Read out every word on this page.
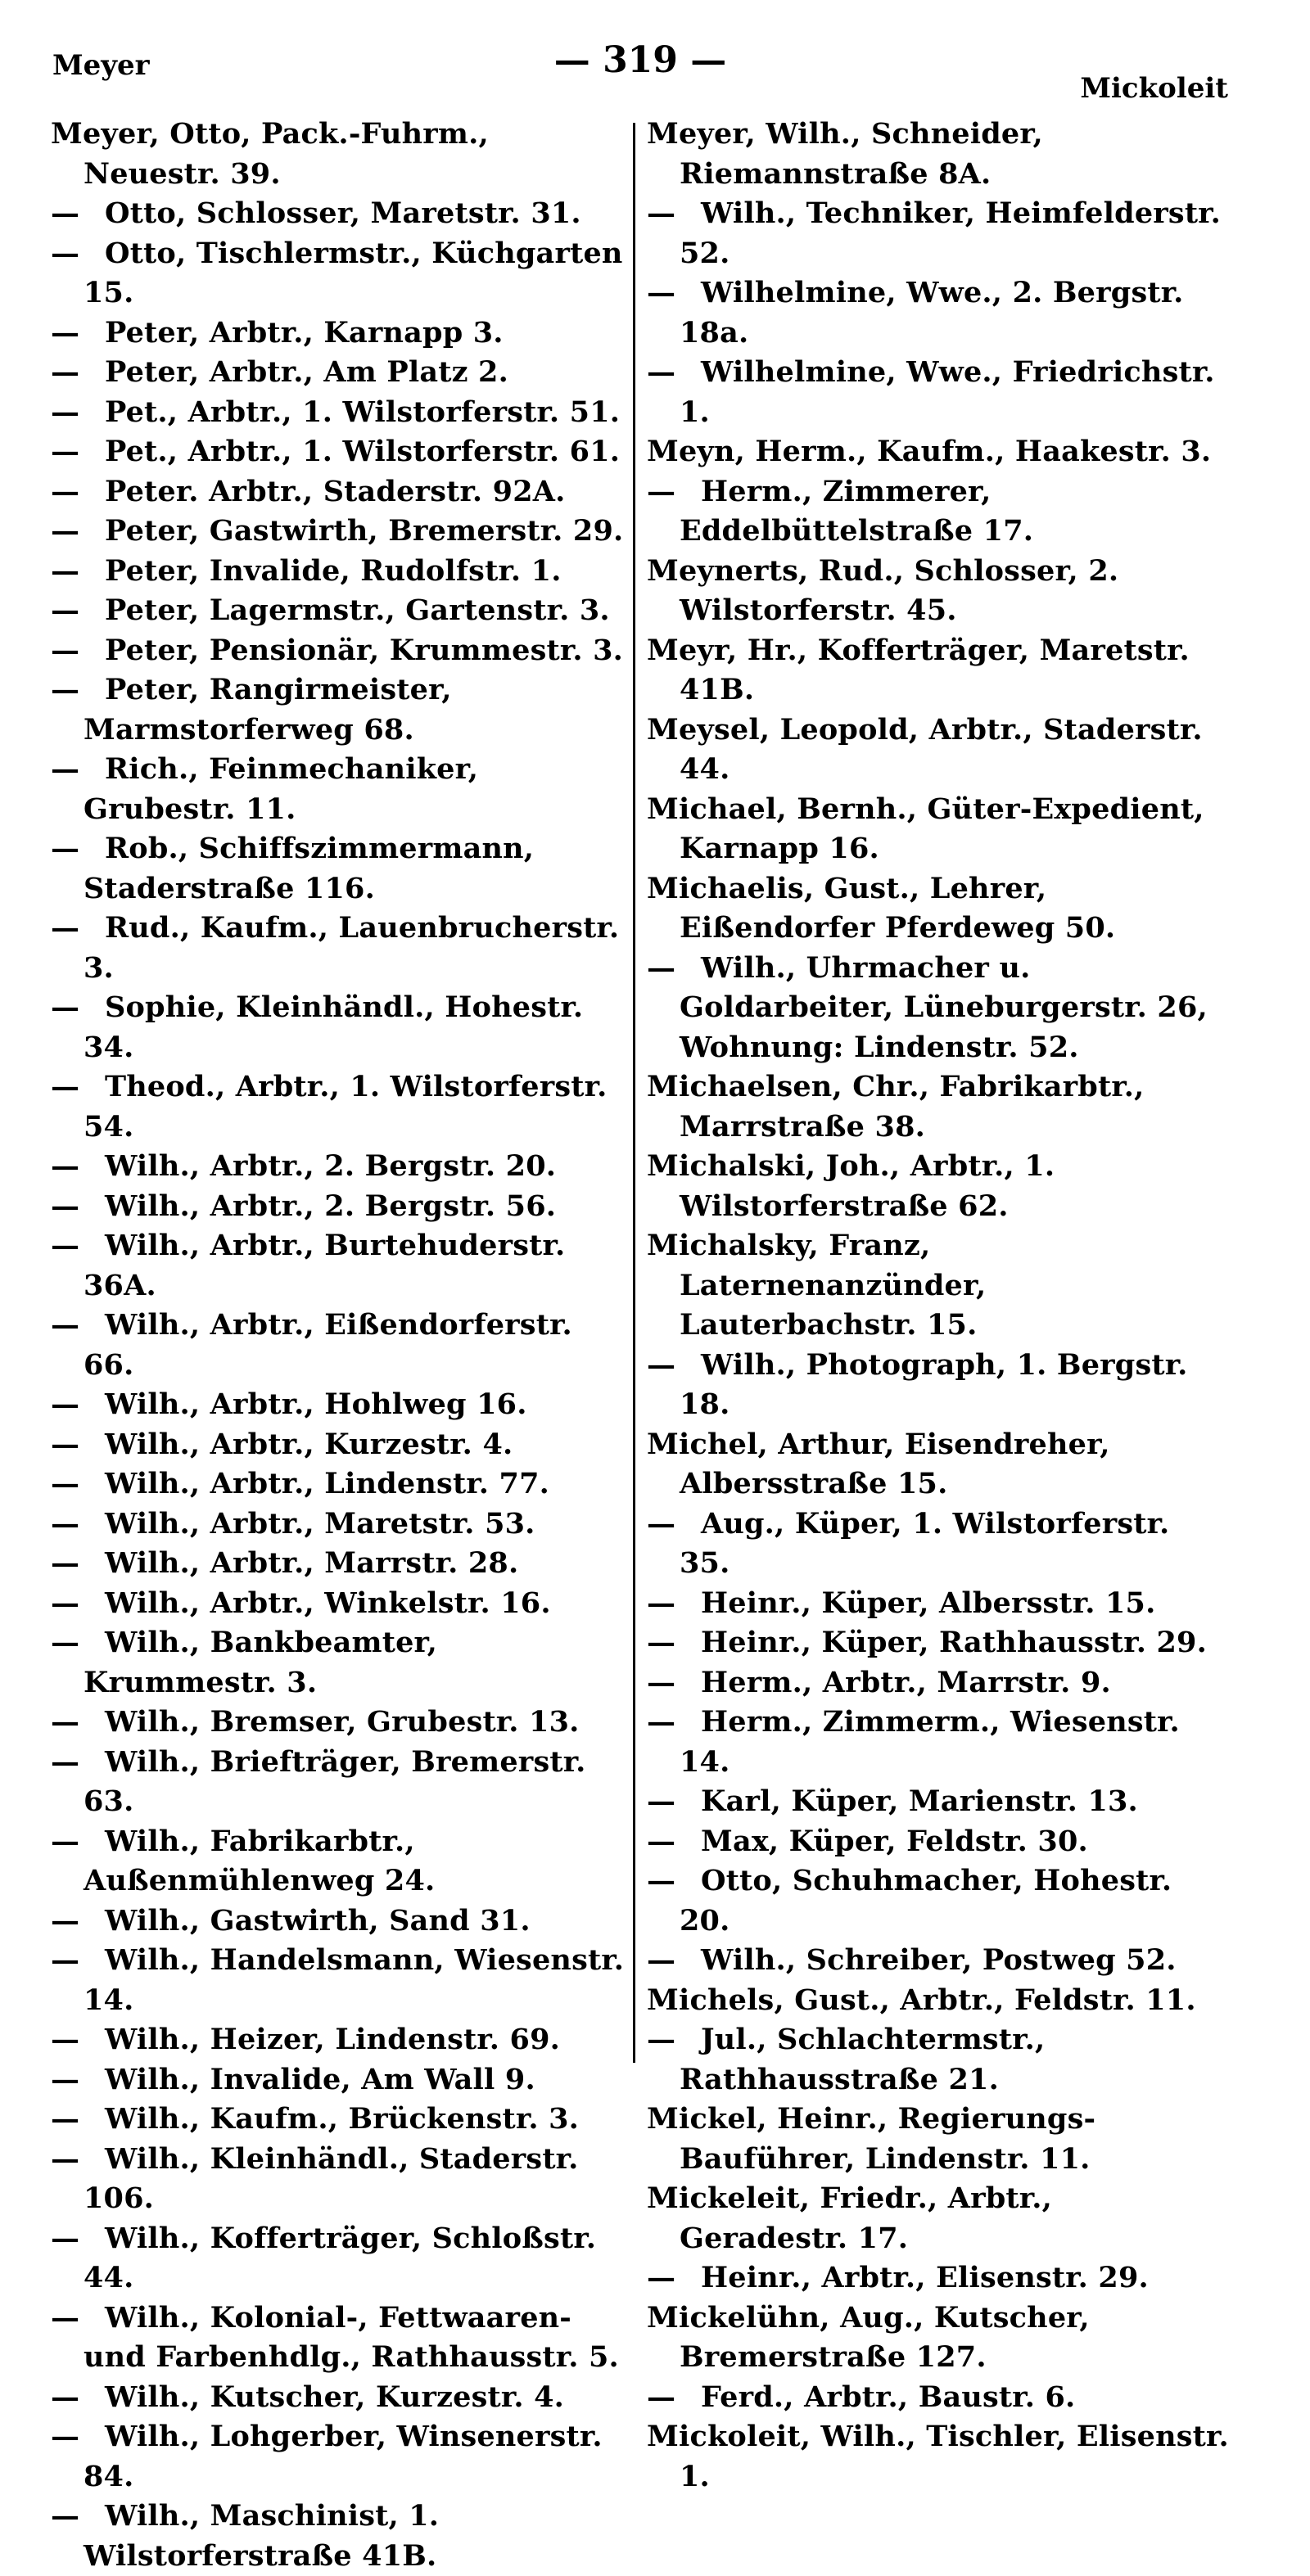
Meyer	— 319 —
Mickoleit
Meyer, Otto, Pack.-Fuhrm., Neuestr. 39.
— Otto, Schlosser, Maretstr. 31.
— Otto, Tischlermstr., Küchgarten 15.
— Peter, Arbtr., Karnapp 3.
— Peter, Arbtr., Am Platz 2.
— Pet., Arbtr., 1. Wilstorferstr. 51.
— Pet., Arbtr., 1. Wilstorferstr. 61.
— Peter. Arbtr., Staderstr. 92A.
— Peter, Gastwirth, Bremerstr. 29.
— Peter, Invalide, Rudolfstr. 1.
— Peter, Lagermstr., Gartenstr. 3.
— Peter, Pensionär, Krummestr. 3.
— Peter, Rangirmeister, Marmstorferweg 68.
— Rich., Feinmechaniker, Grubestr. 11.
— Rob., Schiffszimmermann, Staderstraße 116.
— Rud., Kaufm., Lauenbrucherstr. 3.
— Sophie, Kleinhändl., Hohestr. 34.
— Theod., Arbtr., 1. Wilstorferstr. 54.
— Wilh., Arbtr., 2. Bergstr. 20.
— Wilh., Arbtr., 2. Bergstr. 56.
— Wilh., Arbtr., Burtehuderstr. 36A.
— Wilh., Arbtr., Eißendorferstr. 66.
— Wilh., Arbtr., Hohlweg 16.
— Wilh., Arbtr., Kurzestr. 4.
— Wilh., Arbtr., Lindenstr. 77.
— Wilh., Arbtr., Maretstr. 53.
— Wilh., Arbtr., Marrstr. 28.
— Wilh., Arbtr., Winkelstr. 16.
— Wilh., Bankbeamter, Krummestr. 3.
— Wilh., Bremser, Grubestr. 13.
— Wilh., Briefträger, Bremerstr. 63.
— Wilh., Fabrikarbtr., Außenmühlenweg 24.
— Wilh., Gastwirth, Sand 31.
— Wilh., Handelsmann, Wiesenstr. 14.
— Wilh., Heizer, Lindenstr. 69.
— Wilh., Invalide, Am Wall 9.
— Wilh., Kaufm., Brückenstr. 3.
— Wilh., Kleinhändl., Staderstr. 106.
— Wilh., Kofferträger, Schloßstr. 44.
— Wilh., Kolonial-, Fettwaaren- und Farbenhdlg., Rathhausstr. 5.
— Wilh., Kutscher, Kurzestr. 4.
— Wilh., Lohgerber, Winsenerstr. 84.
— Wilh., Maschinist, 1. Wilstorferstraße 41B.
Meyer, Wilh., Schneider, Riemannstraße 8A.
— Wilh., Techniker, Heimfelderstr. 52.
— Wilhelmine, Wwe., 2. Bergstr. 18a.
— Wilhelmine, Wwe., Friedrichstr. 1.
Meyn, Herm., Kaufm., Haakestr. 3.
— Herm., Zimmerer, Eddelbüttelstraße 17.
Meynerts, Rud., Schlosser, 2. Wilstorferstr. 45.
Meyr, Hr., Kofferträger, Maretstr. 41B.
Meysel, Leopold, Arbtr., Staderstr. 44.
Michael, Bernh., Güter-Expedient, Karnapp 16.
Michaelis, Gust., Lehrer, Eißendorfer Pferdeweg 50.
— Wilh., Uhrmacher u. Goldarbeiter, Lüneburgerstr. 26, Wohnung: Lindenstr. 52.
Michaelsen, Chr., Fabrikarbtr., Marrstraße 38.
Michalski, Joh., Arbtr., 1. Wilstorferstraße 62.
Michalsky, Franz, Laternenanzünder, Lauterbachstr. 15.
— Wilh., Photograph, 1. Bergstr. 18.
Michel, Arthur, Eisendreher, Albersstraße 15.
— Aug., Küper, 1. Wilstorferstr. 35.
— Heinr., Küper, Albersstr. 15.
— Heinr., Küper, Rathhausstr. 29.
— Herm., Arbtr., Marrstr. 9.
— Herm., Zimmerm., Wiesenstr. 14.
— Karl, Küper, Marienstr. 13.
— Max, Küper, Feldstr. 30.
— Otto, Schuhmacher, Hohestr. 20.
— Wilh., Schreiber, Postweg 52.
Michels, Gust., Arbtr., Feldstr. 11.
— Jul., Schlachtermstr., Rathhausstraße 21.
Mickel, Heinr., Regierungs-Bauführer, Lindenstr. 11.
Mickeleit, Friedr., Arbtr., Geradestr. 17.
— Heinr., Arbtr., Elisenstr. 29.
Mickelühn, Aug., Kutscher, Bremerstraße 127.
— Ferd., Arbtr., Baustr. 6.
Mickoleit, Wilh., Tischler, Elisenstr. 1.
